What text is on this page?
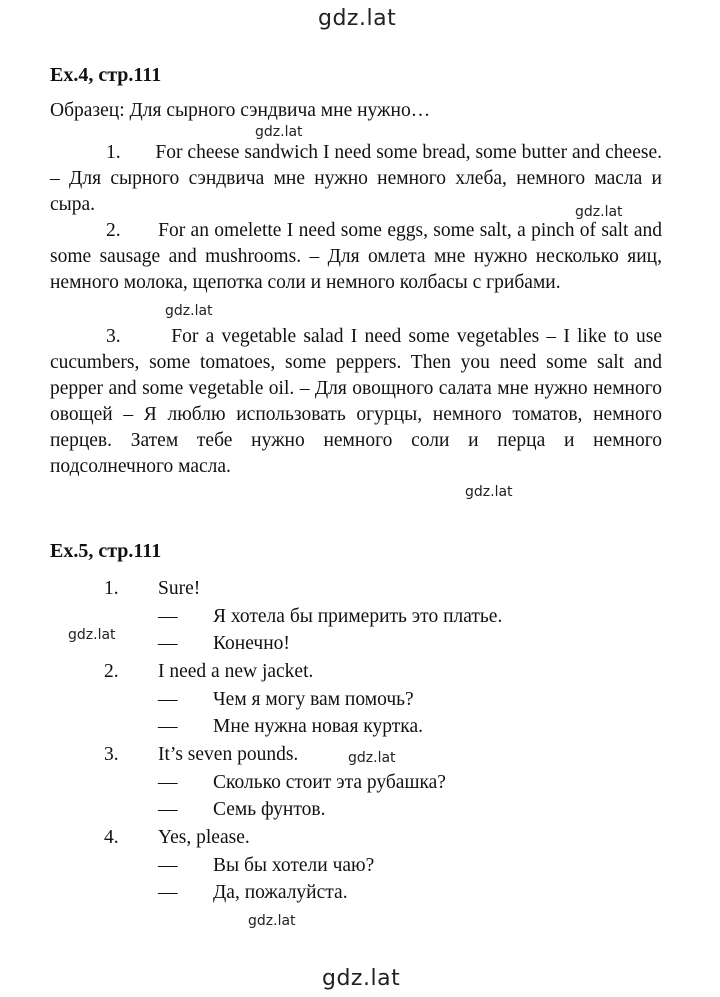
gdz.lat
gdz.lat
gdz.lat
gdz.lat
gdz.lat
gdz.lat
gdz.lat
gdz.lat
gdz.lat
Ex.4, стр.111
Образец: Для сырного сэндвича мне нужно…
1.       For cheese sandwich I need some bread, some butter and cheese. – Для сырного сэндвича мне нужно немного хлеба, немного масла и сыра.
2.       For an omelette I need some eggs, some salt, a pinch of salt and some sausage and mushrooms. – Для омлета мне нужно несколько яиц, немного молока, щепотка соли и немного колбасы с грибами.
3.       For a vegetable salad I need some vegetables – I like to use cucumbers, some tomatoes, some peppers. Then you need some salt and pepper and some vegetable oil. – Для овощного салата мне нужно немного овощей – Я люблю использовать огурцы, немного томатов, немного перцев. Затем тебе нужно немного соли и перца и немного подсолнечного масла.
Ex.5, стр.111
1. Sure!
— Я хотела бы примерить это платье.
— Конечно!
2. I need a new jacket.
— Чем я могу вам помочь?
— Мне нужна новая куртка.
3. It’s seven pounds.
— Сколько стоит эта рубашка?
— Семь фунтов.
4. Yes, please.
— Вы бы хотели чаю?
— Да, пожалуйста.
